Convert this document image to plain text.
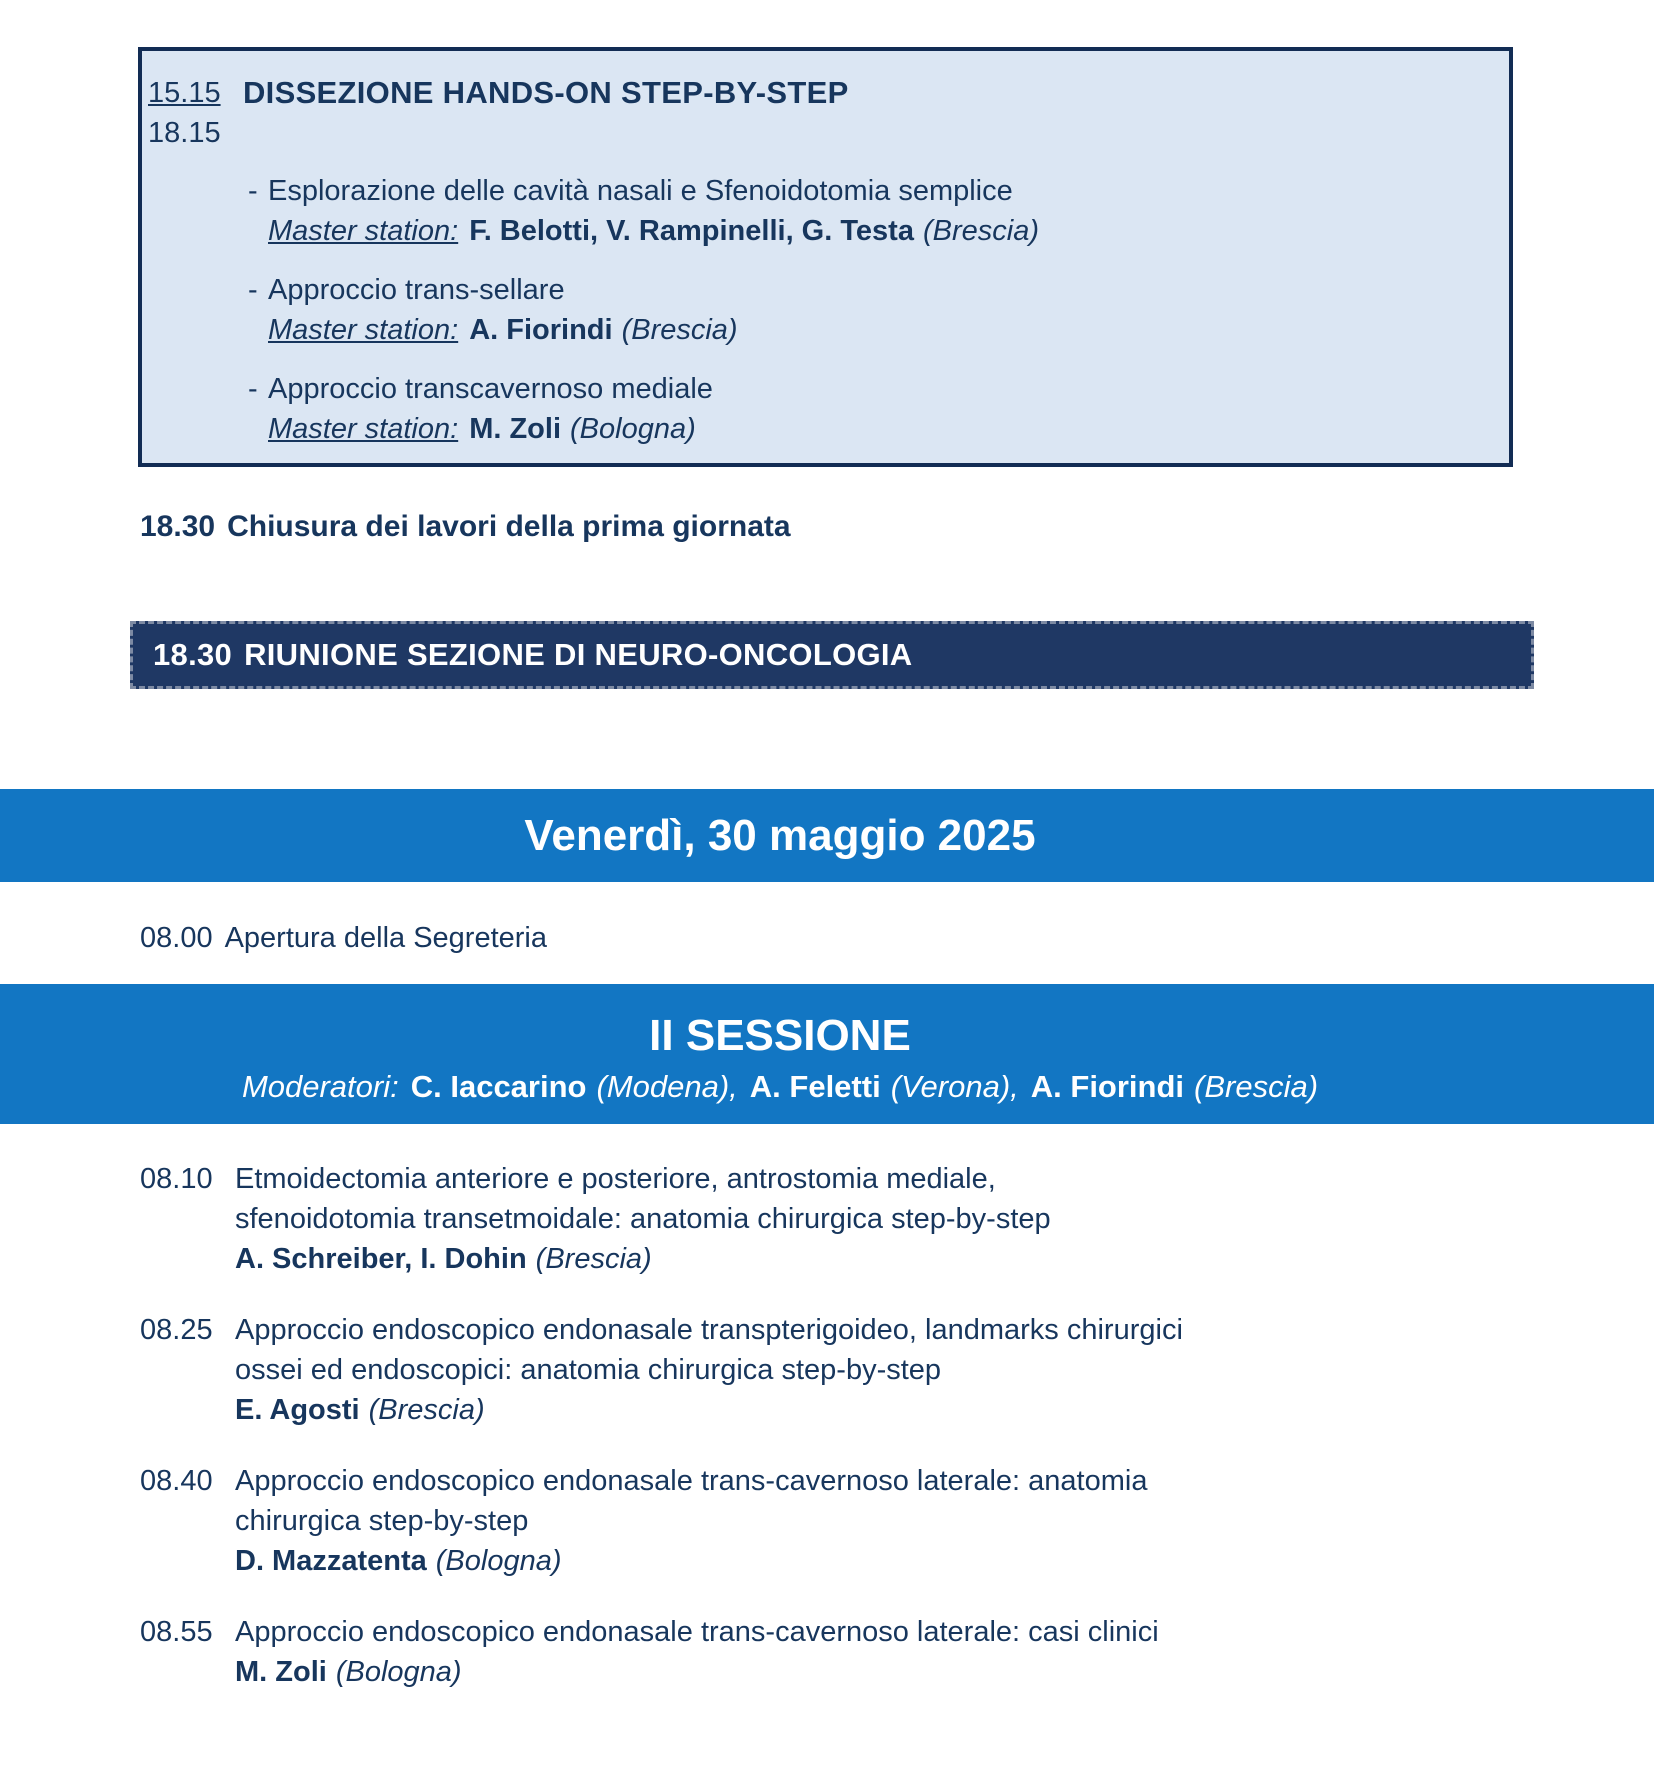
15.15
18.15
DISSEZIONE HANDS-ON STEP-BY-STEP
- Esplorazione delle cavità nasali e Sfenoidotomia semplice
Master station: F. Belotti, V. Rampinelli, G. Testa (Brescia)
- Approccio trans-sellare
Master station: A. Fiorindi (Brescia)
- Approccio transcavernoso mediale
Master station: M. Zoli (Bologna)
18.30 Chiusura dei lavori della prima giornata
18.30 RIUNIONE SEZIONE DI NEURO-ONCOLOGIA
Venerdì, 30 maggio 2025
08.00 Apertura della Segreteria
II SESSIONE
Moderatori: C. Iaccarino (Modena), A. Feletti (Verona), A. Fiorindi (Brescia)
08.10 Etmoidectomia anteriore e posteriore, antrostomia mediale,
sfenoidotomia transetmoidale: anatomia chirurgica step-by-step
A. Schreiber, I. Dohin (Brescia)
08.25 Approccio endoscopico endonasale transpterigoideo, landmarks chirurgici
ossei ed endoscopici: anatomia chirurgica step-by-step
E. Agosti (Brescia)
08.40 Approccio endoscopico endonasale trans-cavernoso laterale: anatomia
chirurgica step-by-step
D. Mazzatenta (Bologna)
08.55 Approccio endoscopico endonasale trans-cavernoso laterale: casi clinici
M. Zoli (Bologna)
